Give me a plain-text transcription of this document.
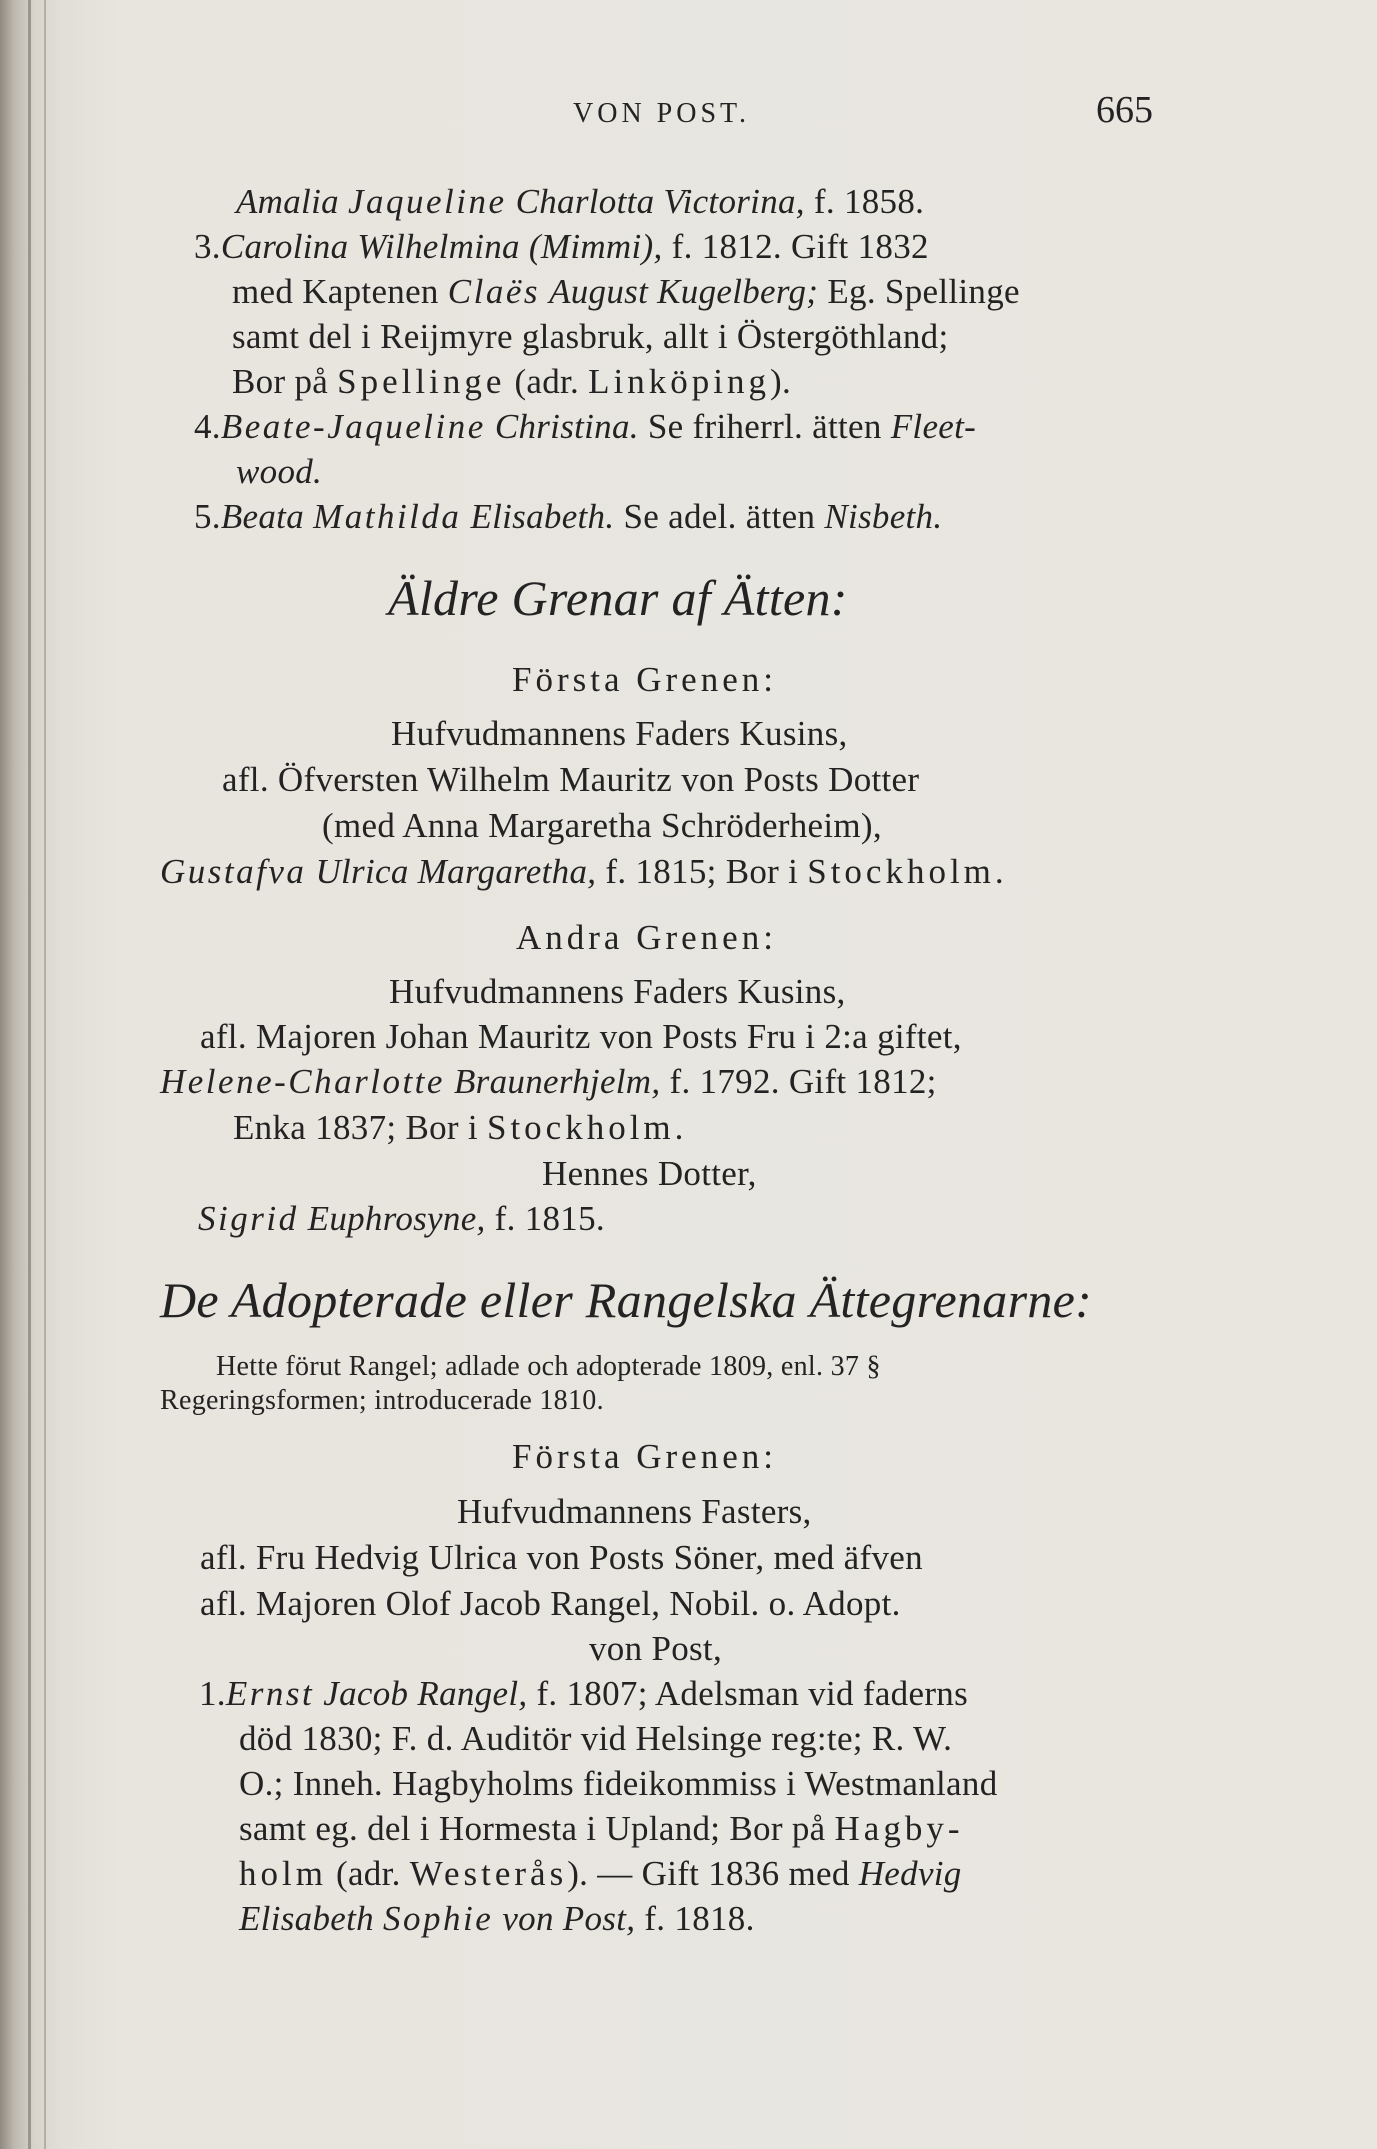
VON POST.	665
Amalia Jaqueline Charlotta Victorina, f. 1858.
3.Carolina Wilhelmina (Mimmi), f. 1812. Gift 1832
med Kaptenen Claës August Kugelberg; Eg. Spellinge
samt del i Reijmyre glasbruk, allt i Östergöthland;
Bor på Spellinge (adr. Linköping).
4.Beate-Jaqueline Christina. Se friherrl. ätten Fleet-
wood.
5.Beata Mathilda Elisabeth. Se adel. ätten Nisbeth.
Äldre Grenar af Ätten:
Första Grenen:
Hufvudmannens Faders Kusins,
afl. Öfversten Wilhelm Mauritz von Posts Dotter
(med Anna Margaretha Schröderheim),
Gustafva Ulrica Margaretha, f. 1815; Bor i Stockholm.
Andra Grenen:
Hufvudmannens Faders Kusins,
afl. Majoren Johan Mauritz von Posts Fru i 2:a giftet,
Helene-Charlotte Braunerhjelm, f. 1792. Gift 1812;
Enka 1837; Bor i Stockholm.
Hennes Dotter,
Sigrid Euphrosyne, f. 1815.
De Adopterade eller Rangelska Ättegrenarne:
Hette förut Rangel; adlade och adopterade 1809, enl. 37 §
Regeringsformen; introducerade 1810.
Första Grenen:
Hufvudmannens Fasters,
afl. Fru Hedvig Ulrica von Posts Söner, med äfven
afl. Majoren Olof Jacob Rangel, Nobil. o. Adopt.
von Post,
1.Ernst Jacob Rangel, f. 1807; Adelsman vid faderns
död 1830; F. d. Auditör vid Helsinge reg:te; R. W.
O.; Inneh. Hagbyholms fideikommiss i Westmanland
samt eg. del i Hormesta i Upland; Bor på Hagby-
holm (adr. Westerås). — Gift 1836 med Hedvig
Elisabeth Sophie von Post, f. 1818.
